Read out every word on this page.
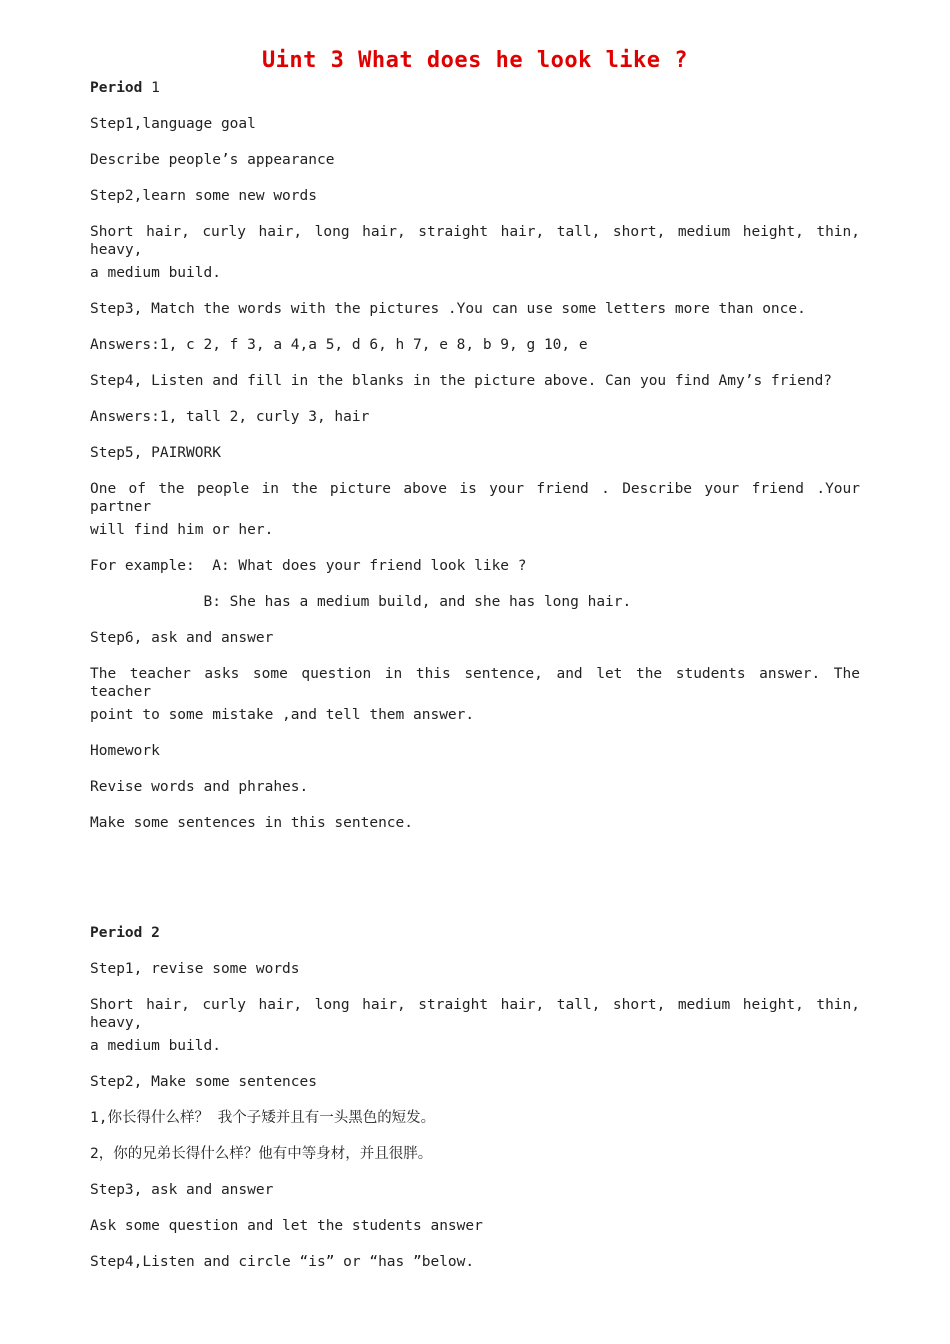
Uint 3 What does he look like ?
Period 1
Step1,language goal
Describe people’s appearance
Step2,learn some new words
Short hair, curly hair, long hair, straight hair, tall, short, medium height, thin, heavy,
a medium build.
Step3, Match the words with the pictures .You can use some letters more than once.
Answers:1, c 2, f 3, a 4,a 5, d 6, h 7, e 8, b 9, g 10, e
Step4, Listen and fill in the blanks in the picture above. Can you find Amy’s friend?
Answers:1, tall 2, curly 3, hair
Step5, PAIRWORK
One of the people in the picture above is your friend . Describe your friend .Your partner
will find him or her.
For example:  A: What does your friend look like ?
B: She has a medium build, and she has long hair.
Step6, ask and answer
The teacher asks some question in this sentence, and let the students answer. The teacher
point to some mistake ,and tell them answer.
Homework
Revise words and phrahes.
Make some sentences in this sentence.
Period 2
Step1, revise some words
Short hair, curly hair, long hair, straight hair, tall, short, medium height, thin, heavy,
a medium build.
Step2, Make some sentences
1,你长得什么样？ 我个子矮并且有一头黑色的短发。
2，你的兄弟长得什么样？他有中等身材，并且很胖。
Step3, ask and answer
Ask some question and let the students answer
Step4,Listen and circle “is” or “has ”below.
